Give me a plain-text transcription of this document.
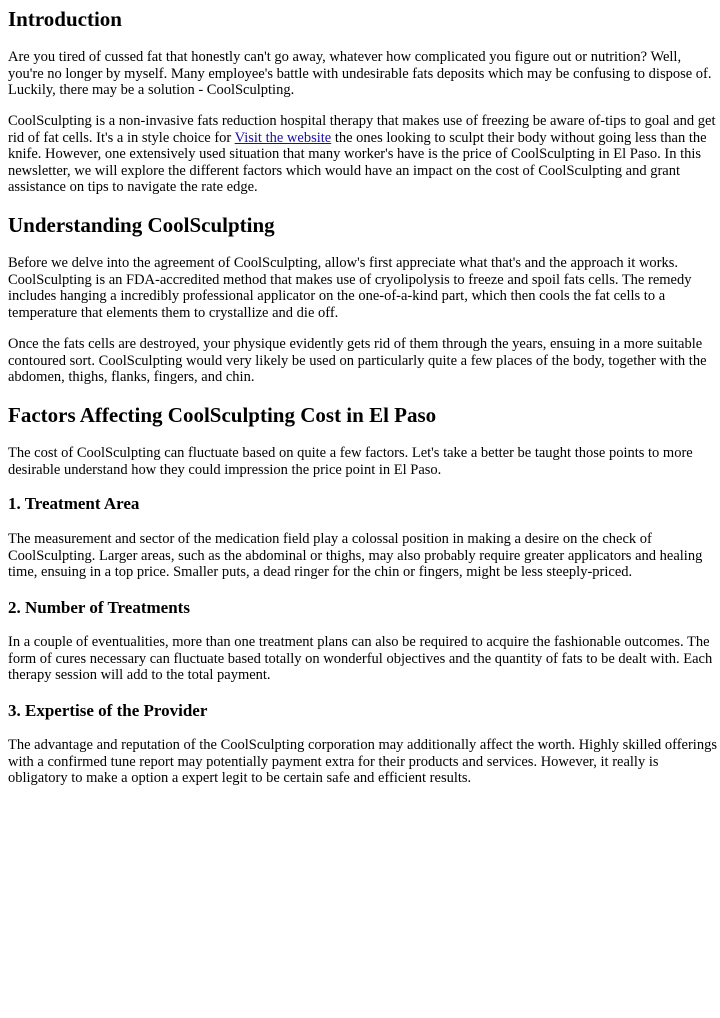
Introduction

Are you tired of cussed fat that honestly can't go away, whatever how complicated you figure out or nutrition? Well, you're no longer by myself. Many employee's battle with undesirable fats deposits which may be confusing to dispose of. Luckily, there may be a solution - CoolSculpting.

CoolSculpting is a non-invasive fats reduction hospital therapy that makes use of freezing be aware of-tips to goal and get rid of fat cells. It's a in style choice for Visit the website the ones looking to sculpt their body without going less than the knife. However, one extensively used situation that many worker's have is the price of CoolSculpting in El Paso. In this newsletter, we will explore the different factors which would have an impact on the cost of CoolSculpting and grant assistance on tips to navigate the rate edge.

Understanding CoolSculpting

Before we delve into the agreement of CoolSculpting, allow's first appreciate what that's and the approach it works. CoolSculpting is an FDA-accredited method that makes use of cryolipolysis to freeze and spoil fats cells. The remedy includes hanging a incredibly professional applicator on the one-of-a-kind part, which then cools the fat cells to a temperature that elements them to crystallize and die off.

Once the fats cells are destroyed, your physique evidently gets rid of them through the years, ensuing in a more suitable contoured sort. CoolSculpting would very likely be used on particularly quite a few places of the body, together with the abdomen, thighs, flanks, fingers, and chin.

Factors Affecting CoolSculpting Cost in El Paso

The cost of CoolSculpting can fluctuate based on quite a few factors. Let's take a better be taught those points to more desirable understand how they could impression the price point in El Paso.

1. Treatment Area

The measurement and sector of the medication field play a colossal position in making a desire on the check of CoolSculpting. Larger areas, such as the abdominal or thighs, may also probably require greater applicators and healing time, ensuing in a top price. Smaller puts, a dead ringer for the chin or fingers, might be less steeply-priced.

2. Number of Treatments

In a couple of eventualities, more than one treatment plans can also be required to acquire the fashionable outcomes. The form of cures necessary can fluctuate based totally on wonderful objectives and the quantity of fats to be dealt with. Each therapy session will add to the total payment.

3. Expertise of the Provider

The advantage and reputation of the CoolSculpting corporation may additionally affect the worth. Highly skilled offerings with a confirmed tune report may potentially payment extra for their products and services. However, it really is obligatory to make a option a expert legit to be certain safe and efficient results.
